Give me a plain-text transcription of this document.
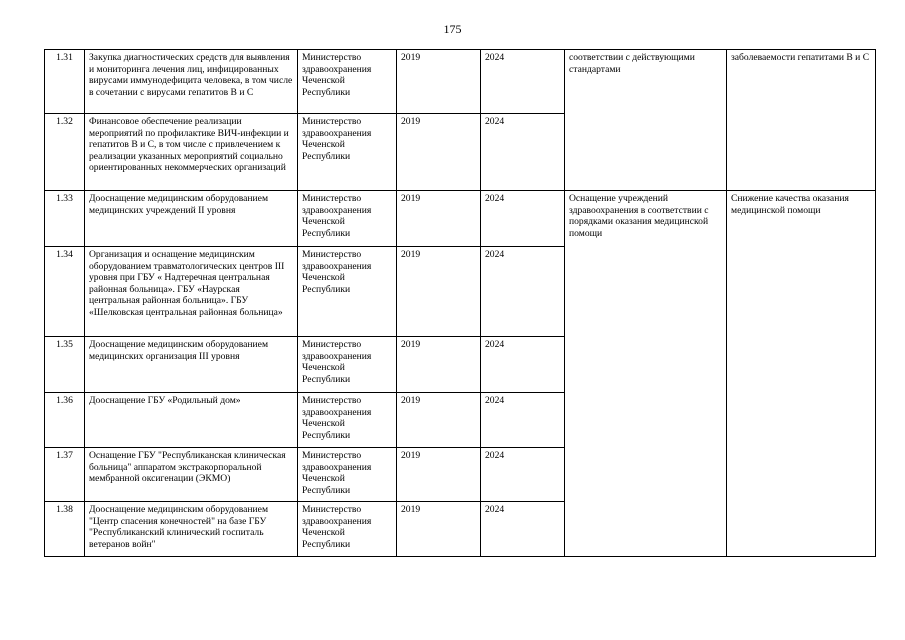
175
1.31	Закупка диагностических средств для выявления и мониторинга лечения лиц, инфицированных вирусами иммунодефицита человека, в том числе в сочетании с вирусами гепатитов В и С	Министерство здравоохранения Чеченской Республики	2019	2024	соответствии с действующими стандартами	заболеваемости гепатитами В и С
1.32	Финансовое обеспечение реализации мероприятий по профилактике ВИЧ-инфекции и гепатитов В и С, в том числе с привлечением к реализации указанных мероприятий социально ориентированных некоммерческих организаций	Министерство здравоохранения Чеченской Республики	2019	2024		
1.33	Дооснащение медицинским оборудованием медицинских учреждений II уровня	Министерство здравоохранения Чеченской Республики	2019	2024	Оснащение учреждений здравоохранения в соответствии с порядками оказания медицинской помощи	Снижение качества оказания медицинской помощи
1.34	Организация и оснащение медицинским оборудованием травматологических центров III уровня при ГБУ « Надтеречная центральная районная больница». ГБУ «Наурская центральная районная больница». ГБУ «Шелковская центральная районная больница»	Министерство здравоохранения Чеченской Республики	2019	2024		
1.35	Дооснащение медицинским оборудованием медицинских организация III уровня	Министерство здравоохранения Чеченской Республики	2019	2024		
1.36	Дооснащение ГБУ «Родильный дом»	Министерство здравоохранения Чеченской Республики	2019	2024		
1.37	Оснащение ГБУ "Республиканская клиническая больница" аппаратом экстракорпоральной мембранной оксигенации (ЭКМО)	Министерство здравоохранения Чеченской Республики	2019	2024		
1.38	Дооснащение медицинским оборудованием "Центр спасения конечностей" на базе ГБУ "Республиканский клинический госпиталь ветеранов войн"	Министерство здравоохранения Чеченской Республики	2019	2024		
